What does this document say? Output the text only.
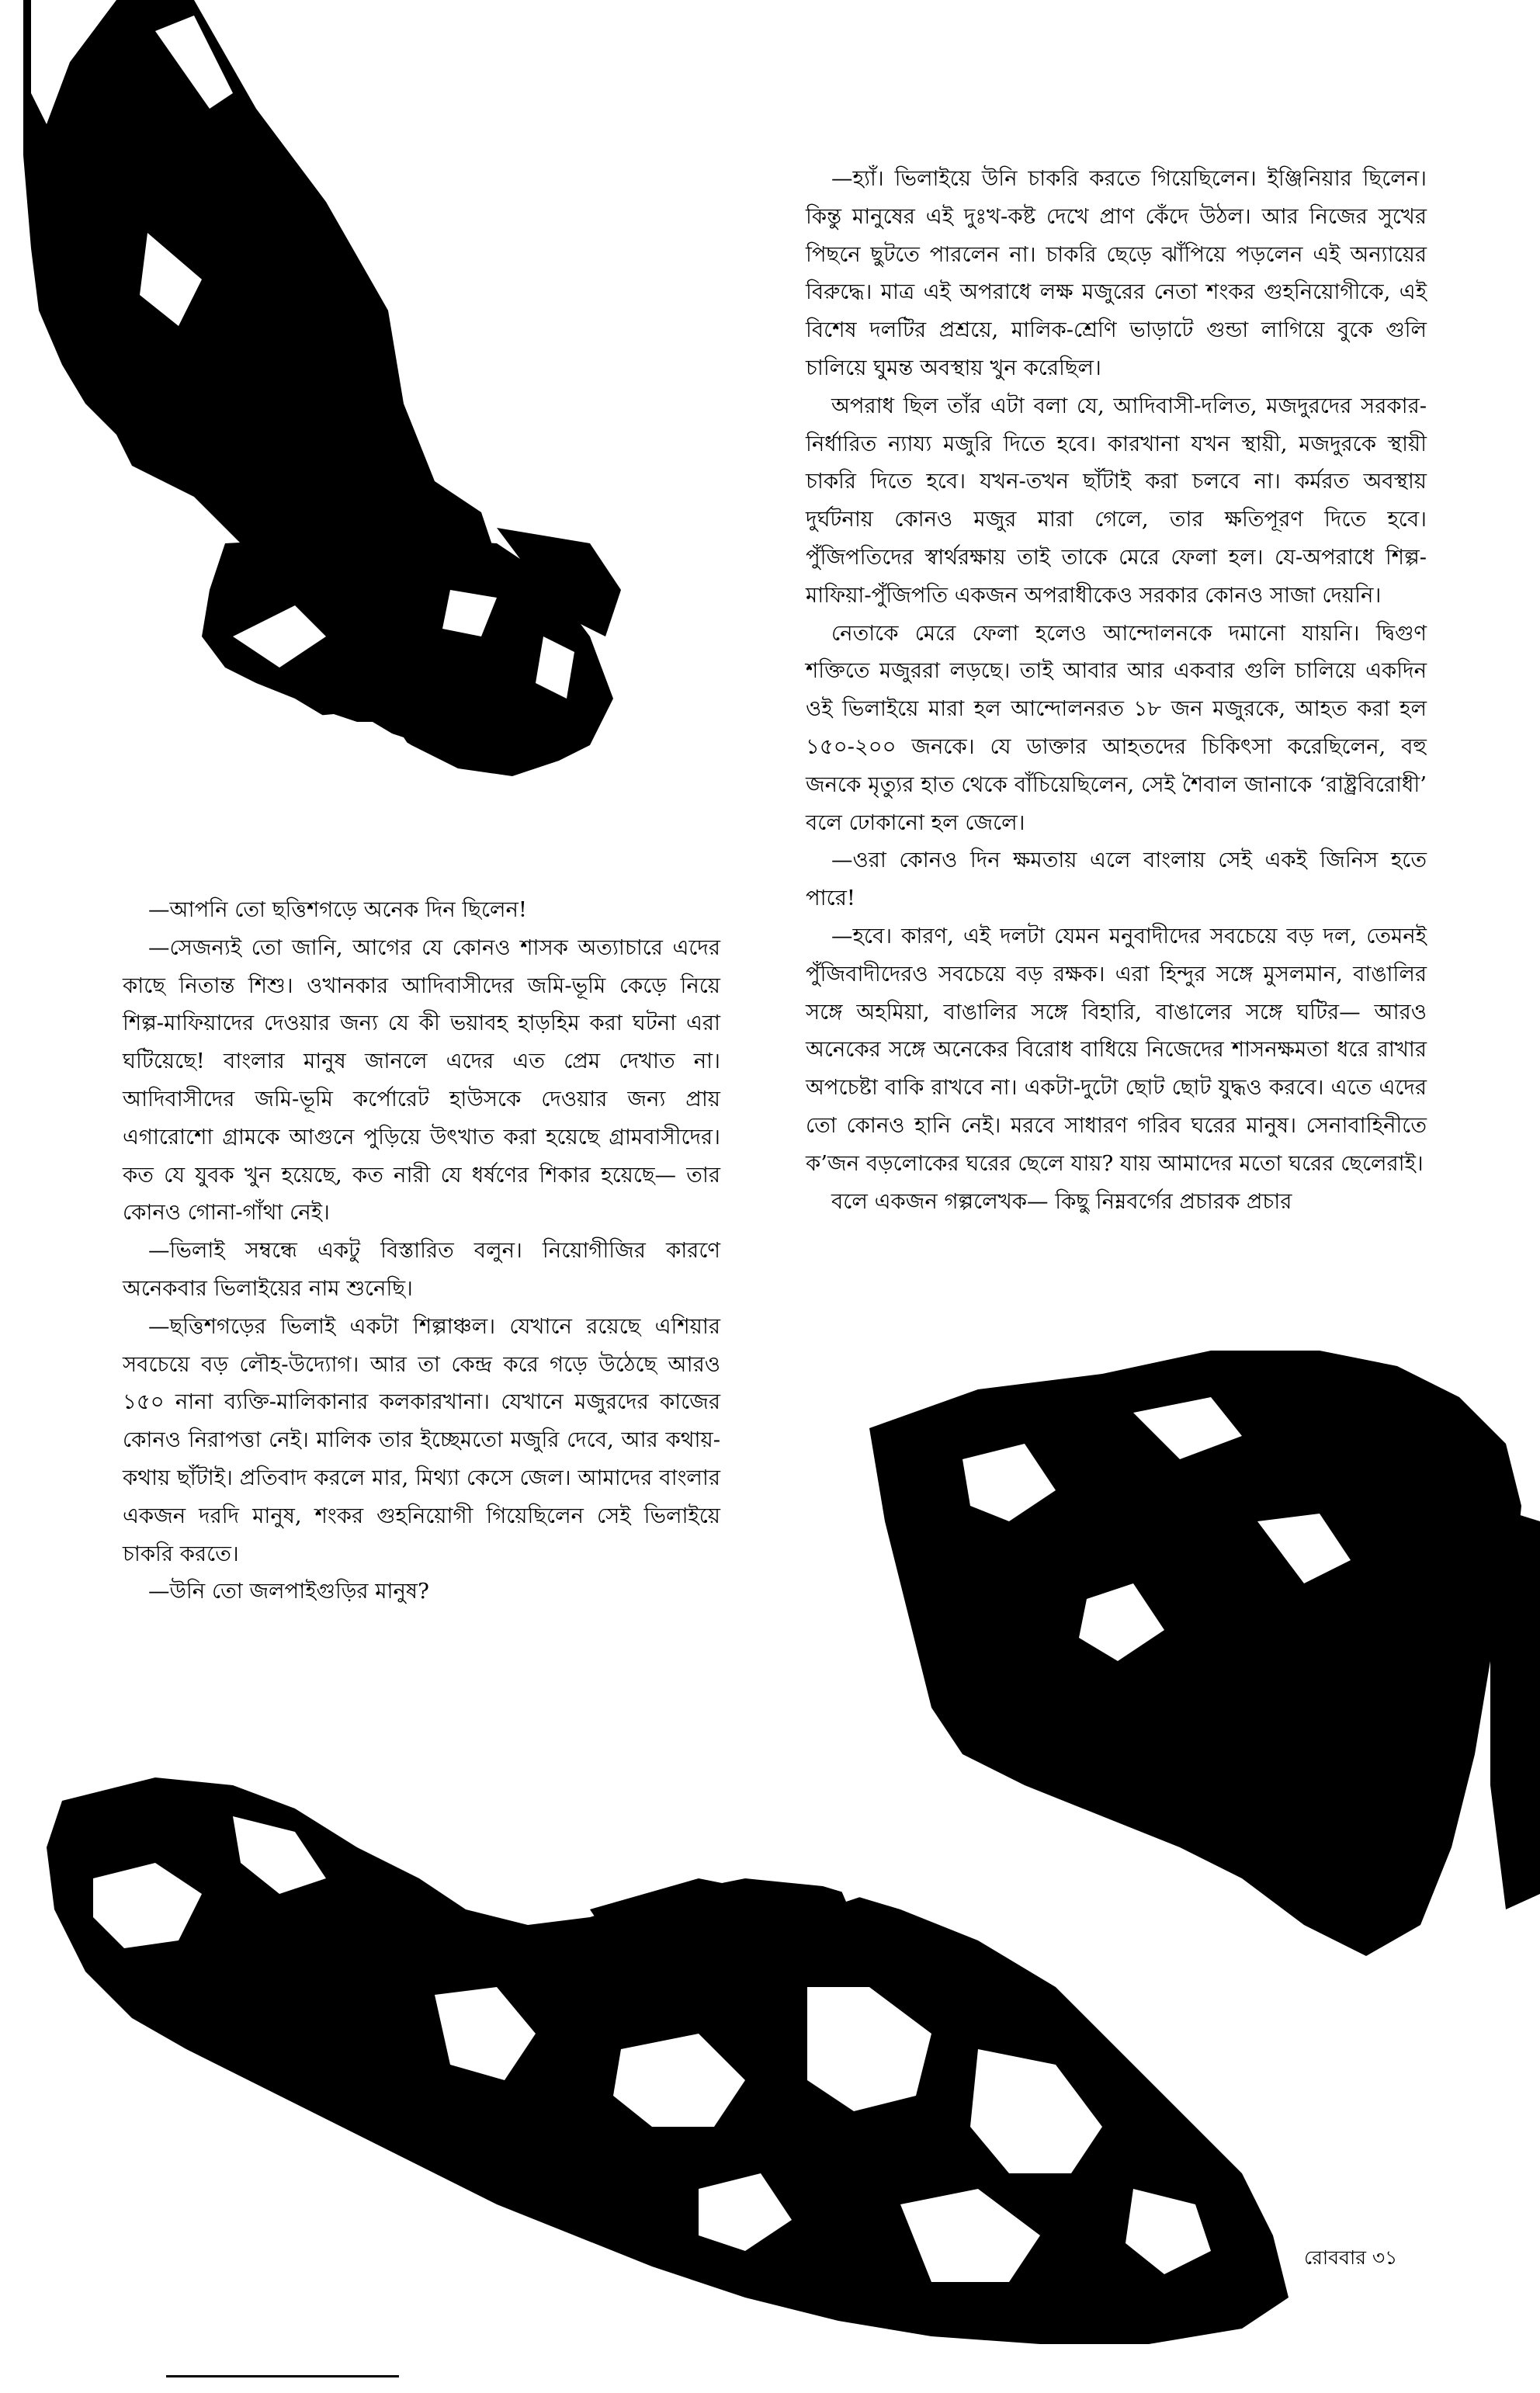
—হ্যাঁ। ভিলাইয়ে উনি চাকরি করতে গিয়েছিলেন। ইঞ্জিনিয়ার ছিলেন। কিন্তু মানুষের এই দুঃখ-কষ্ট দেখে প্রাণ কেঁদে উঠল। আর নিজের সুখের পিছনে ছুটতে পারলেন না। চাকরি ছেড়ে ঝাঁপিয়ে পড়লেন এই অন্যায়ের বিরুদ্ধে। মাত্র এই অপরাধে লক্ষ মজুরের নেতা শংকর গুহনিয়োগীকে, এই বিশেষ দলটির প্রশ্রয়ে, মালিক-শ্রেণি ভাড়াটে গুন্ডা লাগিয়ে বুকে গুলি চালিয়ে ঘুমন্ত অবস্থায় খুন করেছিল।

অপরাধ ছিল তাঁর এটা বলা যে, আদিবাসী-দলিত, মজদুরদের সরকার-নির্ধারিত ন্যায্য মজুরি দিতে হবে। কারখানা যখন স্থায়ী, মজদুরকে স্থায়ী চাকরি দিতে হবে। যখন-তখন ছাঁটাই করা চলবে না। কর্মরত অবস্থায় দুর্ঘটনায় কোনও মজুর মারা গেলে, তার ক্ষতিপূরণ দিতে হবে। পুঁজিপতিদের স্বার্থরক্ষায় তাই তাকে মেরে ফেলা হল। যে-অপরাধে শিল্প-মাফিয়া-পুঁজিপতি একজন অপরাধীকেও সরকার কোনও সাজা দেয়নি।

নেতাকে মেরে ফেলা হলেও আন্দোলনকে দমানো যায়নি। দ্বিগুণ শক্তিতে মজুররা লড়ছে। তাই আবার আর একবার গুলি চালিয়ে একদিন ওই ভিলাইয়ে মারা হল আন্দোলনরত ১৮ জন মজুরকে, আহত করা হল ১৫০-২০০ জনকে। যে ডাক্তার আহতদের চিকিৎসা করেছিলেন, বহু জনকে মৃত্যুর হাত থেকে বাঁচিয়েছিলেন, সেই শৈবাল জানাকে ‘রাষ্ট্রবিরোধী’ বলে ঢোকানো হল জেলে।

—ওরা কোনও দিন ক্ষমতায় এলে বাংলায় সেই একই জিনিস হতে পারে!

—হবে। কারণ, এই দলটা যেমন মনুবাদীদের সবচেয়ে বড় দল, তেমনই পুঁজিবাদীদেরও সবচেয়ে বড় রক্ষক। এরা হিন্দুর সঙ্গে মুসলমান, বাঙালির সঙ্গে অহমিয়া, বাঙালির সঙ্গে বিহারি, বাঙালের সঙ্গে ঘটির— আরও অনেকের সঙ্গে অনেকের বিরোধ বাধিয়ে নিজেদের শাসনক্ষমতা ধরে রাখার অপচেষ্টা বাকি রাখবে না। একটা-দুটো ছোট ছোট যুদ্ধও করবে। এতে এদের তো কোনও হানি নেই। মরবে সাধারণ গরিব ঘরের মানুষ। সেনাবাহিনীতে ক’জন বড়লোকের ঘরের ছেলে যায়? যায় আমাদের মতো ঘরের ছেলেরাই।

বলে একজন গল্পলেখক— কিছু নিম্নবর্গের প্রচারক প্রচার

—আপনি তো ছত্তিশগড়ে অনেক দিন ছিলেন!

—সেজন্যই তো জানি, আগের যে কোনও শাসক অত্যাচারে এদের কাছে নিতান্ত শিশু। ওখানকার আদিবাসীদের জমি-ভূমি কেড়ে নিয়ে শিল্প-মাফিয়াদের দেওয়ার জন্য যে কী ভয়াবহ হাড়হিম করা ঘটনা এরা ঘটিয়েছে! বাংলার মানুষ জানলে এদের এত প্রেম দেখাত না। আদিবাসীদের জমি-ভূমি কর্পোরেট হাউসকে দেওয়ার জন্য প্রায় এগারোশো গ্রামকে আগুনে পুড়িয়ে উৎখাত করা হয়েছে গ্রামবাসীদের। কত যে যুবক খুন হয়েছে, কত নারী যে ধর্ষণের শিকার হয়েছে— তার কোনও গোনা-গাঁথা নেই।

—ভিলাই সম্বন্ধে একটু বিস্তারিত বলুন। নিয়োগীজির কারণে অনেকবার ভিলাইয়ের নাম শুনেছি।

—ছত্তিশগড়ের ভিলাই একটা শিল্পাঞ্চল। যেখানে রয়েছে এশিয়ার সবচেয়ে বড় লৌহ-উদ্যোগ। আর তা কেন্দ্র করে গড়ে উঠেছে আরও ১৫০ নানা ব্যক্তি-মালিকানার কলকারখানা। যেখানে মজুরদের কাজের কোনও নিরাপত্তা নেই। মালিক তার ইচ্ছেমতো মজুরি দেবে, আর কথায়-কথায় ছাঁটাই। প্রতিবাদ করলে মার, মিথ্যা কেসে জেল। আমাদের বাংলার একজন দরদি মানুষ, শংকর গুহনিয়োগী গিয়েছিলেন সেই ভিলাইয়ে চাকরি করতে।

—উনি তো জলপাইগুড়ির মানুষ?

রোববার ৩১
